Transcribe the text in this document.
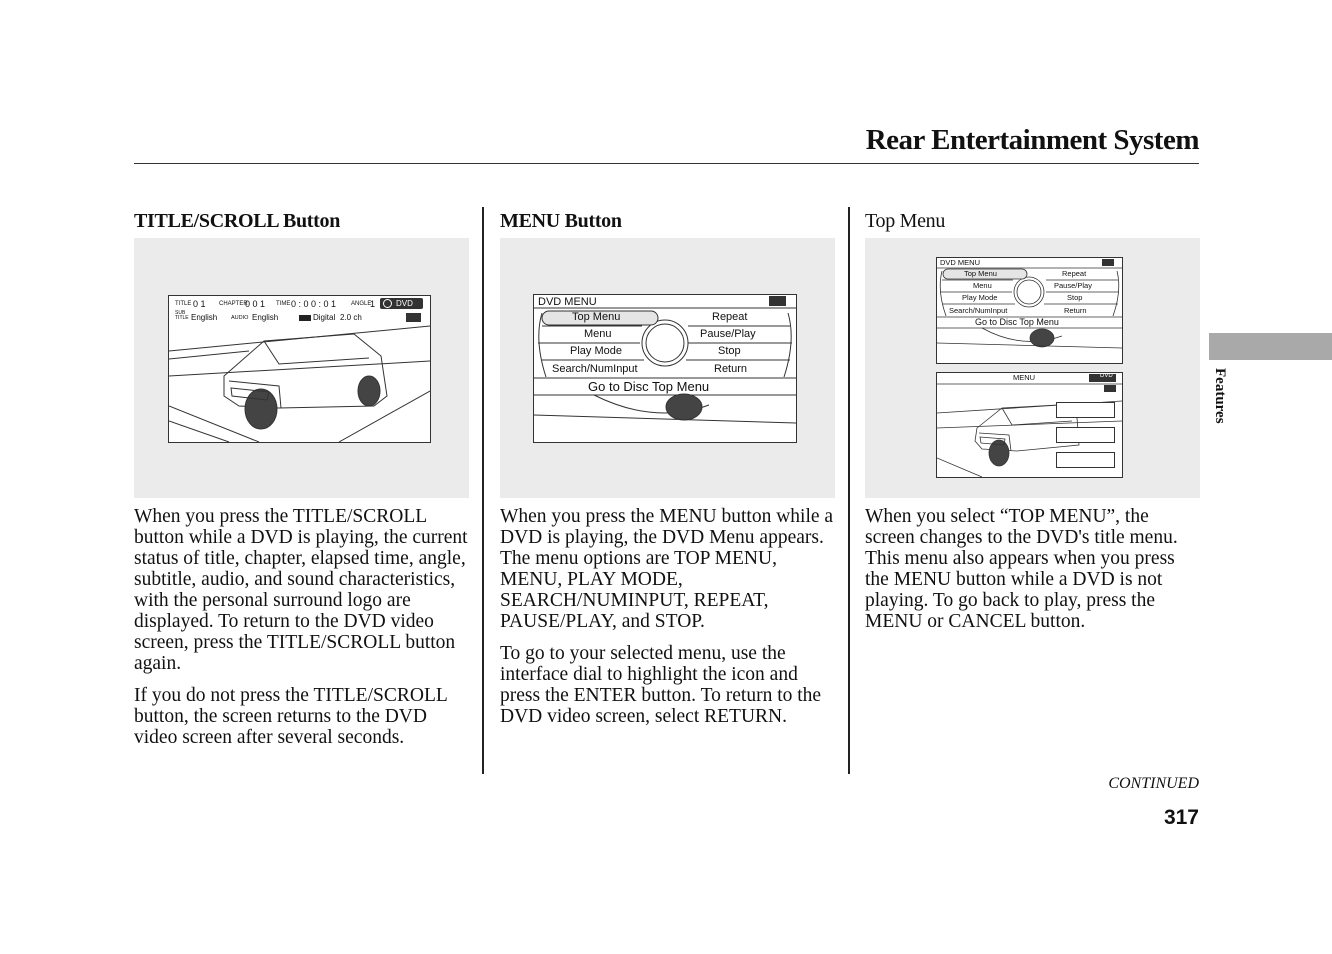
Rear Entertainment System
Features
TITLE/SCROLL Button
TITLE 0 1 CHAPTER
0 0 1 TIME 0 : 0 0 : 0 1 ANGLE
1	DVD
SUB
TITLE English	AUDIO English	Digital 2.0 ch

When you press the TITLE/SCROLL button while a DVD is playing, the current status of title, chapter, elapsed time, angle, subtitle, audio, and sound characteristics, with the personal surround logo are displayed. To return to the DVD video screen, press the TITLE/SCROLL button again.

If you do not press the TITLE/SCROLL button, the screen returns to the DVD video screen after several seconds.

MENU Button
DVD MENU
Top Menu
Menu
Play Mode
Search/NumInput
Repeat
Pause/Play
Stop
Return
Go to Disc Top Menu

When you press the MENU button while a DVD is playing, the DVD Menu appears. The menu options are TOP MENU, MENU, PLAY MODE, SEARCH/NUMINPUT, REPEAT, PAUSE/PLAY, and STOP.

To go to your selected menu, use the interface dial to highlight the icon and press the ENTER button. To return to the DVD video screen, select RETURN.

Top Menu
DVD MENU
Top Menu
Menu
Play Mode
Search/NumInput
Repeat
Pause/Play
Stop
Return
Go to Disc Top Menu
MENU	DVD

When you select “TOP MENU”, the screen changes to the DVD's title menu. This menu also appears when you press the MENU button while a DVD is not playing. To go back to play, press the MENU or CANCEL button.

CONTINUED
317
